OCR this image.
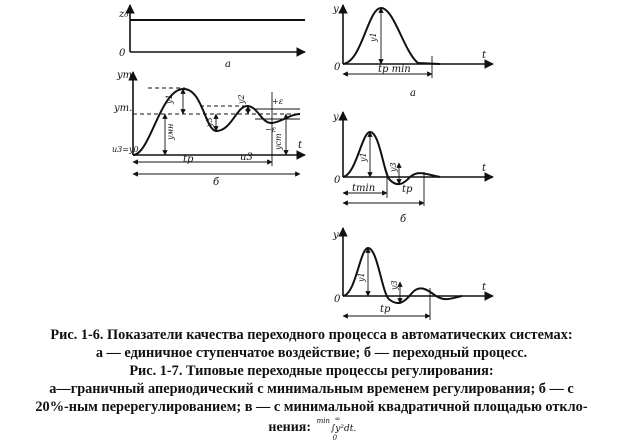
z₀
0
а
yт
t
yт.
y1
yмн
y3
y2	+ε
−ε
yст
u3=y0
tр	u3
б
y
t
y1
0	tр min
а
y
t
y1
y3
0
tmin	tр
б
y
t
y1
y3
0
tр
Рис. 1-6. Показатели качества переходного процесса в автоматических системах:
а — единичное ступенчатое воздействие; б — переходный процесс.
Рис. 1-7. Типовые переходные процессы регулирования:
а—граничный апериодический с минимальным временем регулирования; б — с
20%-ным перерегулированием; в — с минимальной квадратичной площадью откло-
нения: min ∞
∫y²dt.
0
